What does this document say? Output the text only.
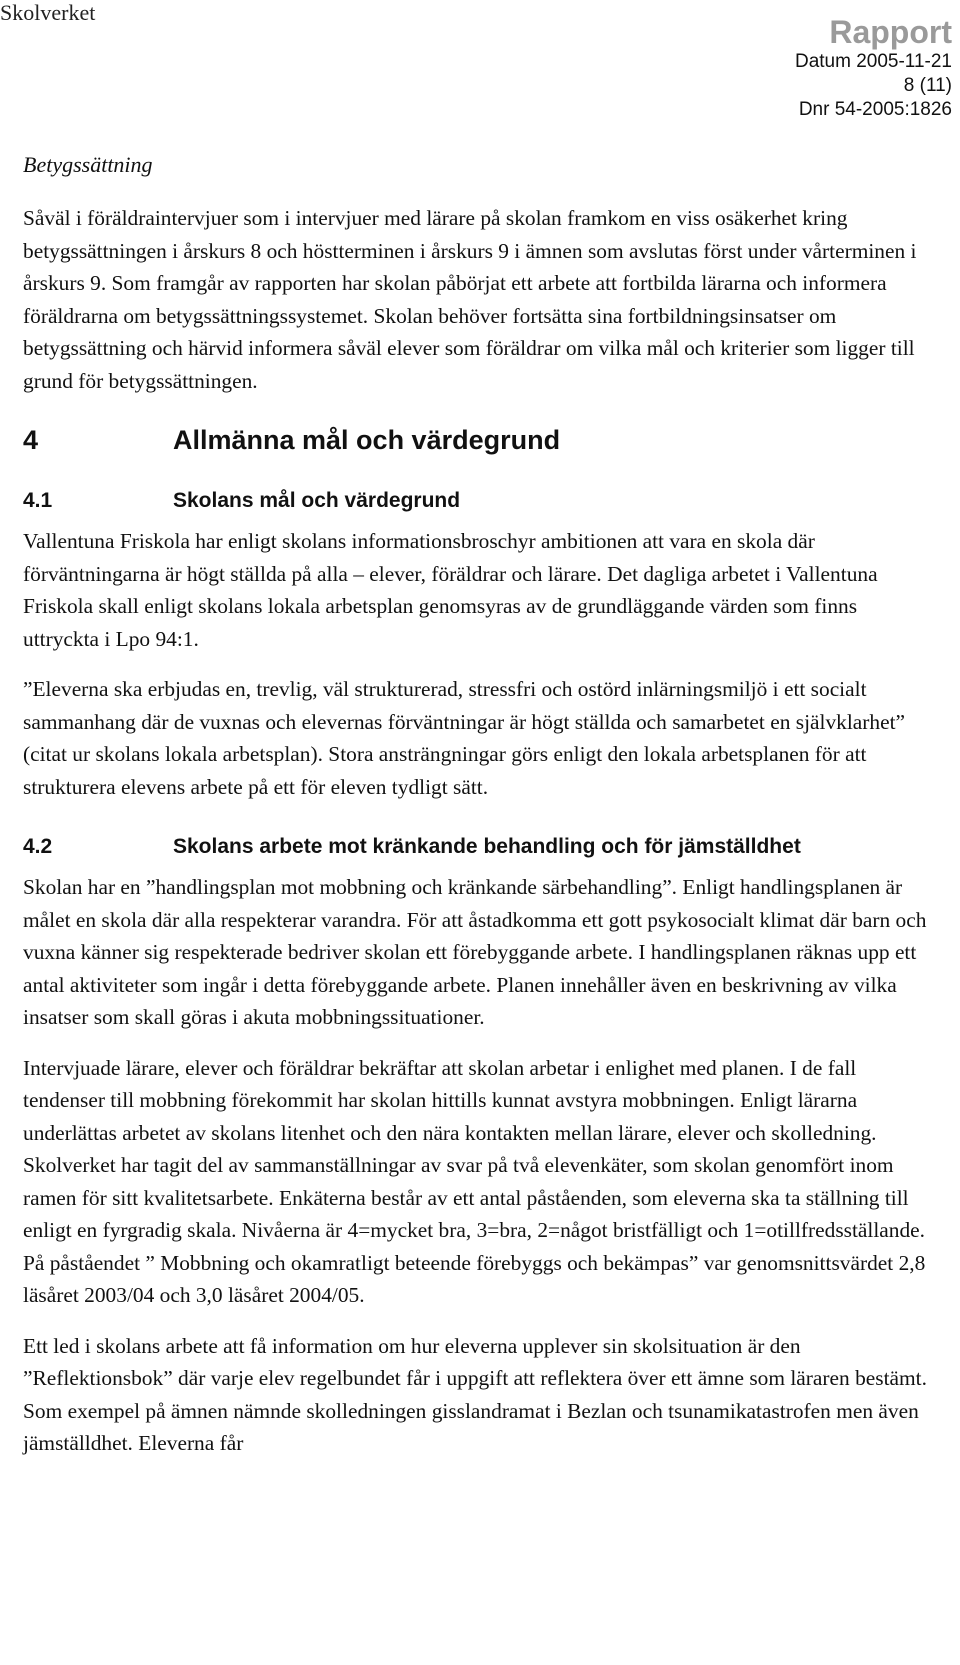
Skolverket
Rapport
Datum 2005-11-21
8 (11)
Dnr 54-2005:1826
Betygssättning

Såväl i föräldraintervjuer som i intervjuer med lärare på skolan framkom en viss osäkerhet kring betygssättningen i årskurs 8 och höstterminen i årskurs 9 i ämnen som avslutas först under vårterminen i årskurs 9. Som framgår av rapporten har skolan påbörjat ett arbete att fortbilda lärarna och informera föräldrarna om betygssättningssystemet. Skolan behöver fortsätta sina fortbildningsinsatser om betygssättning och härvid informera såväl elever som föräldrar om vilka mål och kriterier som ligger till grund för betygssättningen.

4	Allmänna mål och värdegrund
4.1	Skolans mål och värdegrund

Vallentuna Friskola har enligt skolans informationsbroschyr ambitionen att vara en skola där förväntningarna är högt ställda på alla – elever, föräldrar och lärare. Det dagliga arbetet i Vallentuna Friskola skall enligt skolans lokala arbetsplan genomsyras av de grundläggande värden som finns uttryckta i Lpo 94:1.

”Eleverna ska erbjudas en, trevlig, väl strukturerad, stressfri och ostörd inlärningsmiljö i ett socialt sammanhang där de vuxnas och elevernas förväntningar är högt ställda och samarbetet en självklarhet” (citat ur skolans lokala arbetsplan). Stora ansträngningar görs enligt den lokala arbetsplanen för att strukturera elevens arbete på ett för eleven tydligt sätt.

4.2	Skolans arbete mot kränkande behandling och för jämställdhet

Skolan har en ”handlingsplan mot mobbning och kränkande särbehandling”. Enligt handlingsplanen är målet en skola där alla respekterar varandra. För att åstadkomma ett gott psykosocialt klimat där barn och vuxna känner sig respekterade bedriver skolan ett förebyggande arbete. I handlingsplanen räknas upp ett antal aktiviteter som ingår i detta förebyggande arbete. Planen innehåller även en beskrivning av vilka insatser som skall göras i akuta mobbningssituationer.

Intervjuade lärare, elever och föräldrar bekräftar att skolan arbetar i enlighet med planen. I de fall tendenser till mobbning förekommit har skolan hittills kunnat avstyra mobbningen. Enligt lärarna underlättas arbetet av skolans litenhet och den nära kontakten mellan lärare, elever och skolledning. Skolverket har tagit del av sammanställningar av svar på två elevenkäter, som skolan genomfört inom ramen för sitt kvalitetsarbete. Enkäterna består av ett antal påståenden, som eleverna ska ta ställning till enligt en fyrgradig skala. Nivåerna är 4=mycket bra, 3=bra, 2=något bristfälligt och 1=otillfredsställande. På påståendet ” Mobbning och okamratligt beteende förebyggs och bekämpas” var genomsnittsvärdet 2,8 läsåret 2003/04 och 3,0 läsåret 2004/05.

Ett led i skolans arbete att få information om hur eleverna upplever sin skolsituation är den ”Reflektionsbok” där varje elev regelbundet får i uppgift att reflektera över ett ämne som läraren bestämt. Som exempel på ämnen nämnde skolledningen gisslandramat i Bezlan och tsunamikatastrofen men även jämställdhet. Eleverna får
